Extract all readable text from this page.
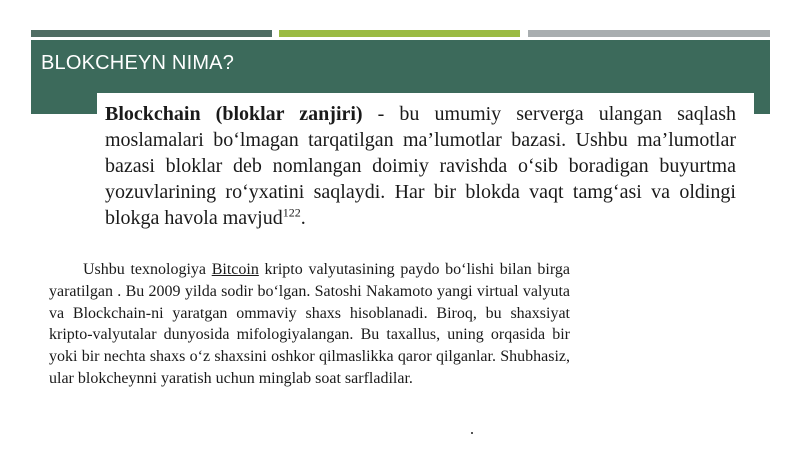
BLOKCHEYN NIMA?

Blockchain (bloklar zanjiri) - bu umumiy serverga ulangan saqlash moslamalari bo‘lmagan tarqatilgan ma’lumotlar bazasi. Ushbu ma’lumotlar bazasi bloklar deb nomlangan doimiy ravishda o‘sib boradigan buyurtma yozuvlarining ro‘yxatini saqlaydi. Har bir blokda vaqt tamg‘asi va oldingi blokga havola mavjud$^{122}$.

Ushbu texnologiya Bitcoin kripto valyutasining paydo bo‘lishi bilan birga yaratilgan . Bu 2009 yilda sodir bo‘lgan. Satoshi Nakamoto yangi virtual valyuta va Blockchain-ni yaratgan ommaviy shaxs hisoblanadi. Biroq, bu shaxsiyat kripto-valyutalar dunyosida mifologiyalangan. Bu taxallus, uning orqasida bir yoki bir nechta shaxs o‘z shaxsini oshkor qilmaslikka qaror qilganlar. Shubhasiz, ular blokcheynni yaratish uchun minglab soat sarfladilar.
